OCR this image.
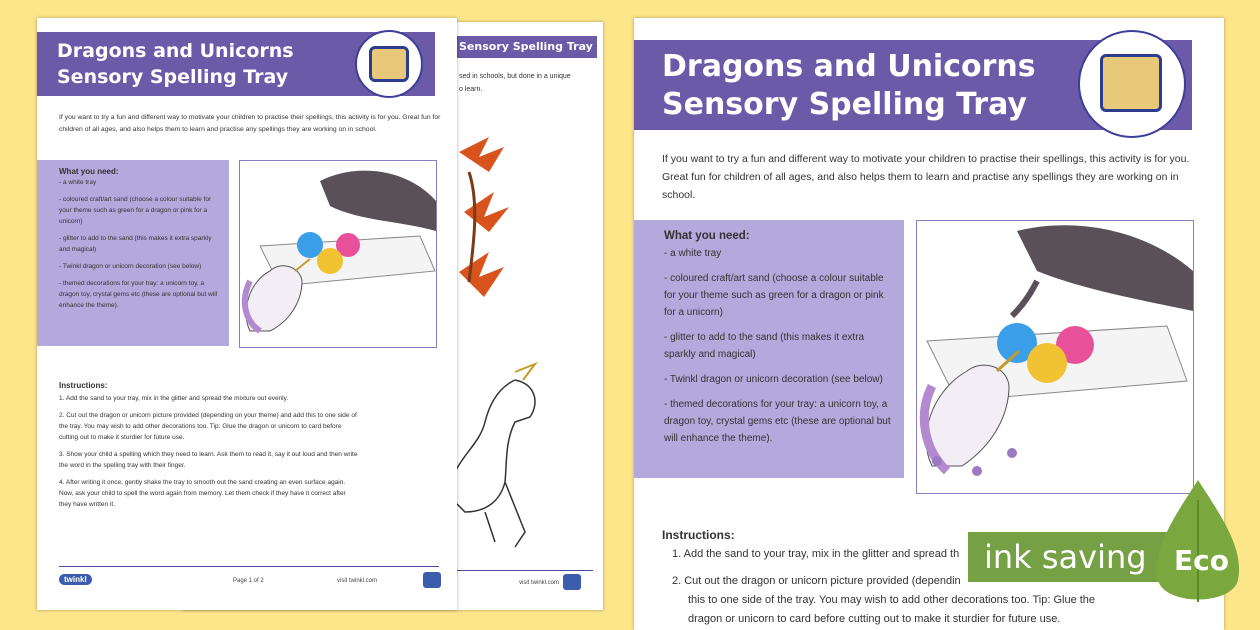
Sensory Spelling Tray
sed in schools, but done in a unique
o learn.
visit twinkl.com
Dragons and Unicorns
Sensory Spelling Tray
If you want to try a fun and different way to motivate your children to practise their spellings, this activity is for you. Great fun for children of all ages, and also helps them to learn and practise any spellings they are working on in school.
What you need:

- a white tray

- coloured craft/art sand (choose a colour suitable for your theme such as green for a dragon or pink for a unicorn)

- glitter to add to the sand (this makes it extra sparkly and magical)

- Twinkl dragon or unicorn decoration (see below)

- themed decorations for your tray: a unicorn toy, a dragon toy, crystal gems etc (these are optional but will enhance the theme).

Instructions:
1. Add the sand to your tray, mix in the glitter and spread the mixture out evenly.
2. Cut out the dragon or unicorn picture provided (depending on your theme) and add this to one side of the tray. You may wish to add other decorations too. Tip: Glue the dragon or unicorn to card before cutting out to make it sturdier for future use.
3. Show your child a spelling which they need to learn. Ask them to read it, say it out loud and then write the word in the spelling tray with their finger.
4. After writing it once, gently shake the tray to smooth out the sand creating an even surface again. Now, ask your child to spell the word again from memory. Let them check if they have it correct after they have written it.
twinkl	Page 1 of 2	visit twinkl.com
Dragons and Unicorns
Sensory Spelling Tray
If you want to try a fun and different way to motivate your children to practise their spellings, this activity is for you. Great fun for children of all ages, and also helps them to learn and practise any spellings they are working on in school.
What you need:

- a white tray

- coloured craft/art sand (choose a colour suitable for your theme such as green for a dragon or pink for a unicorn)

- glitter to add to the sand (this makes it extra sparkly and magical)

- Twinkl dragon or unicorn decoration (see below)

- themed decorations for your tray: a unicorn toy, a dragon toy, crystal gems etc (these are optional but will enhance the theme).

Instructions:
1. Add the sand to your tray, mix in the glitter and spread th
2. Cut out the dragon or unicorn picture provided (dependin
this to one side of the tray. You may wish to add other decorations too. Tip: Glue the
dragon or unicorn to card before cutting out to make it sturdier for future use.
ink saving Eco
